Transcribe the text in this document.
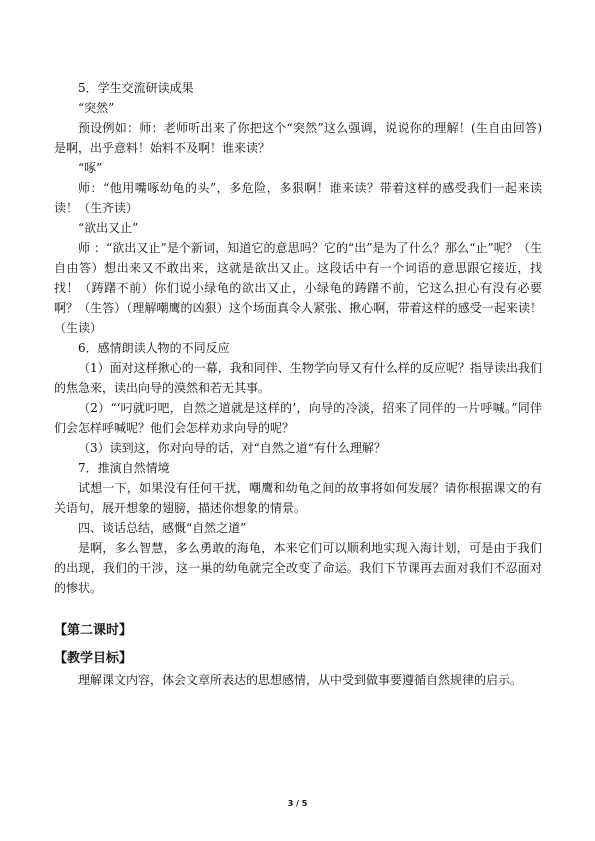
5．学生交流研读成果

“突然”

预设例如：师：老师听出来了你把这个“突然”这么强调，说说你的理解！(生自由回答)是啊，出乎意料！始料不及啊！谁来读？

“啄”

师：“他用嘴啄幼龟的头”，多危险，多狠啊！谁来读？带着这样的感受我们一起来读读！（生齐读）

“欲出又止”

师 ：“欲出又止”是个新词，知道它的意思吗？它的“出”是为了什么？那么“止”呢？（生自由答）想出来又不敢出来，这就是欲出又止。这段话中有一个词语的意思跟它接近，找找！（踌躇不前）你们说小绿龟的欲出又止，小绿龟的踌躇不前，它这么担心有没有必要啊？（生答）（理解嘲鹰的凶狠）这个场面真令人紧张、揪心啊，带着这样的感受一起来读！（生读）

6．感情朗读人物的不同反应

（1）面对这样揪心的一幕，我和同伴、生物学向导又有什么样的反应呢？指导读出我们的焦急来，读出向导的漠然和若无其事。

（2）“‘叼就叼吧，自然之道就是这样的’，向导的冷淡，招来了同伴的一片呼喊。”同伴们会怎样呼喊呢？他们会怎样劝求向导的呢？

（3）读到这，你对向导的话，对“自然之道“有什么理解？

7．推演自然情境

试想一下，如果没有任何干扰，嘲鹰和幼龟之间的故事将如何发展？请你根据课文的有关语句，展开想象的翅膀，描述你想象的情景。

四、谈话总结，感慨“自然之道”

是啊，多么智慧，多么勇敢的海龟，本来它们可以顺利地实现入海计划，可是由于我们的出现，我们的干涉，这一巢的幼龟就完全改变了命运。我们下节课再去面对我们不忍面对的惨状。

【第二课时】

【教学目标】

理解课文内容，体会文章所表达的思想感情，从中受到做事要遵循自然规律的启示。

3 / 5
